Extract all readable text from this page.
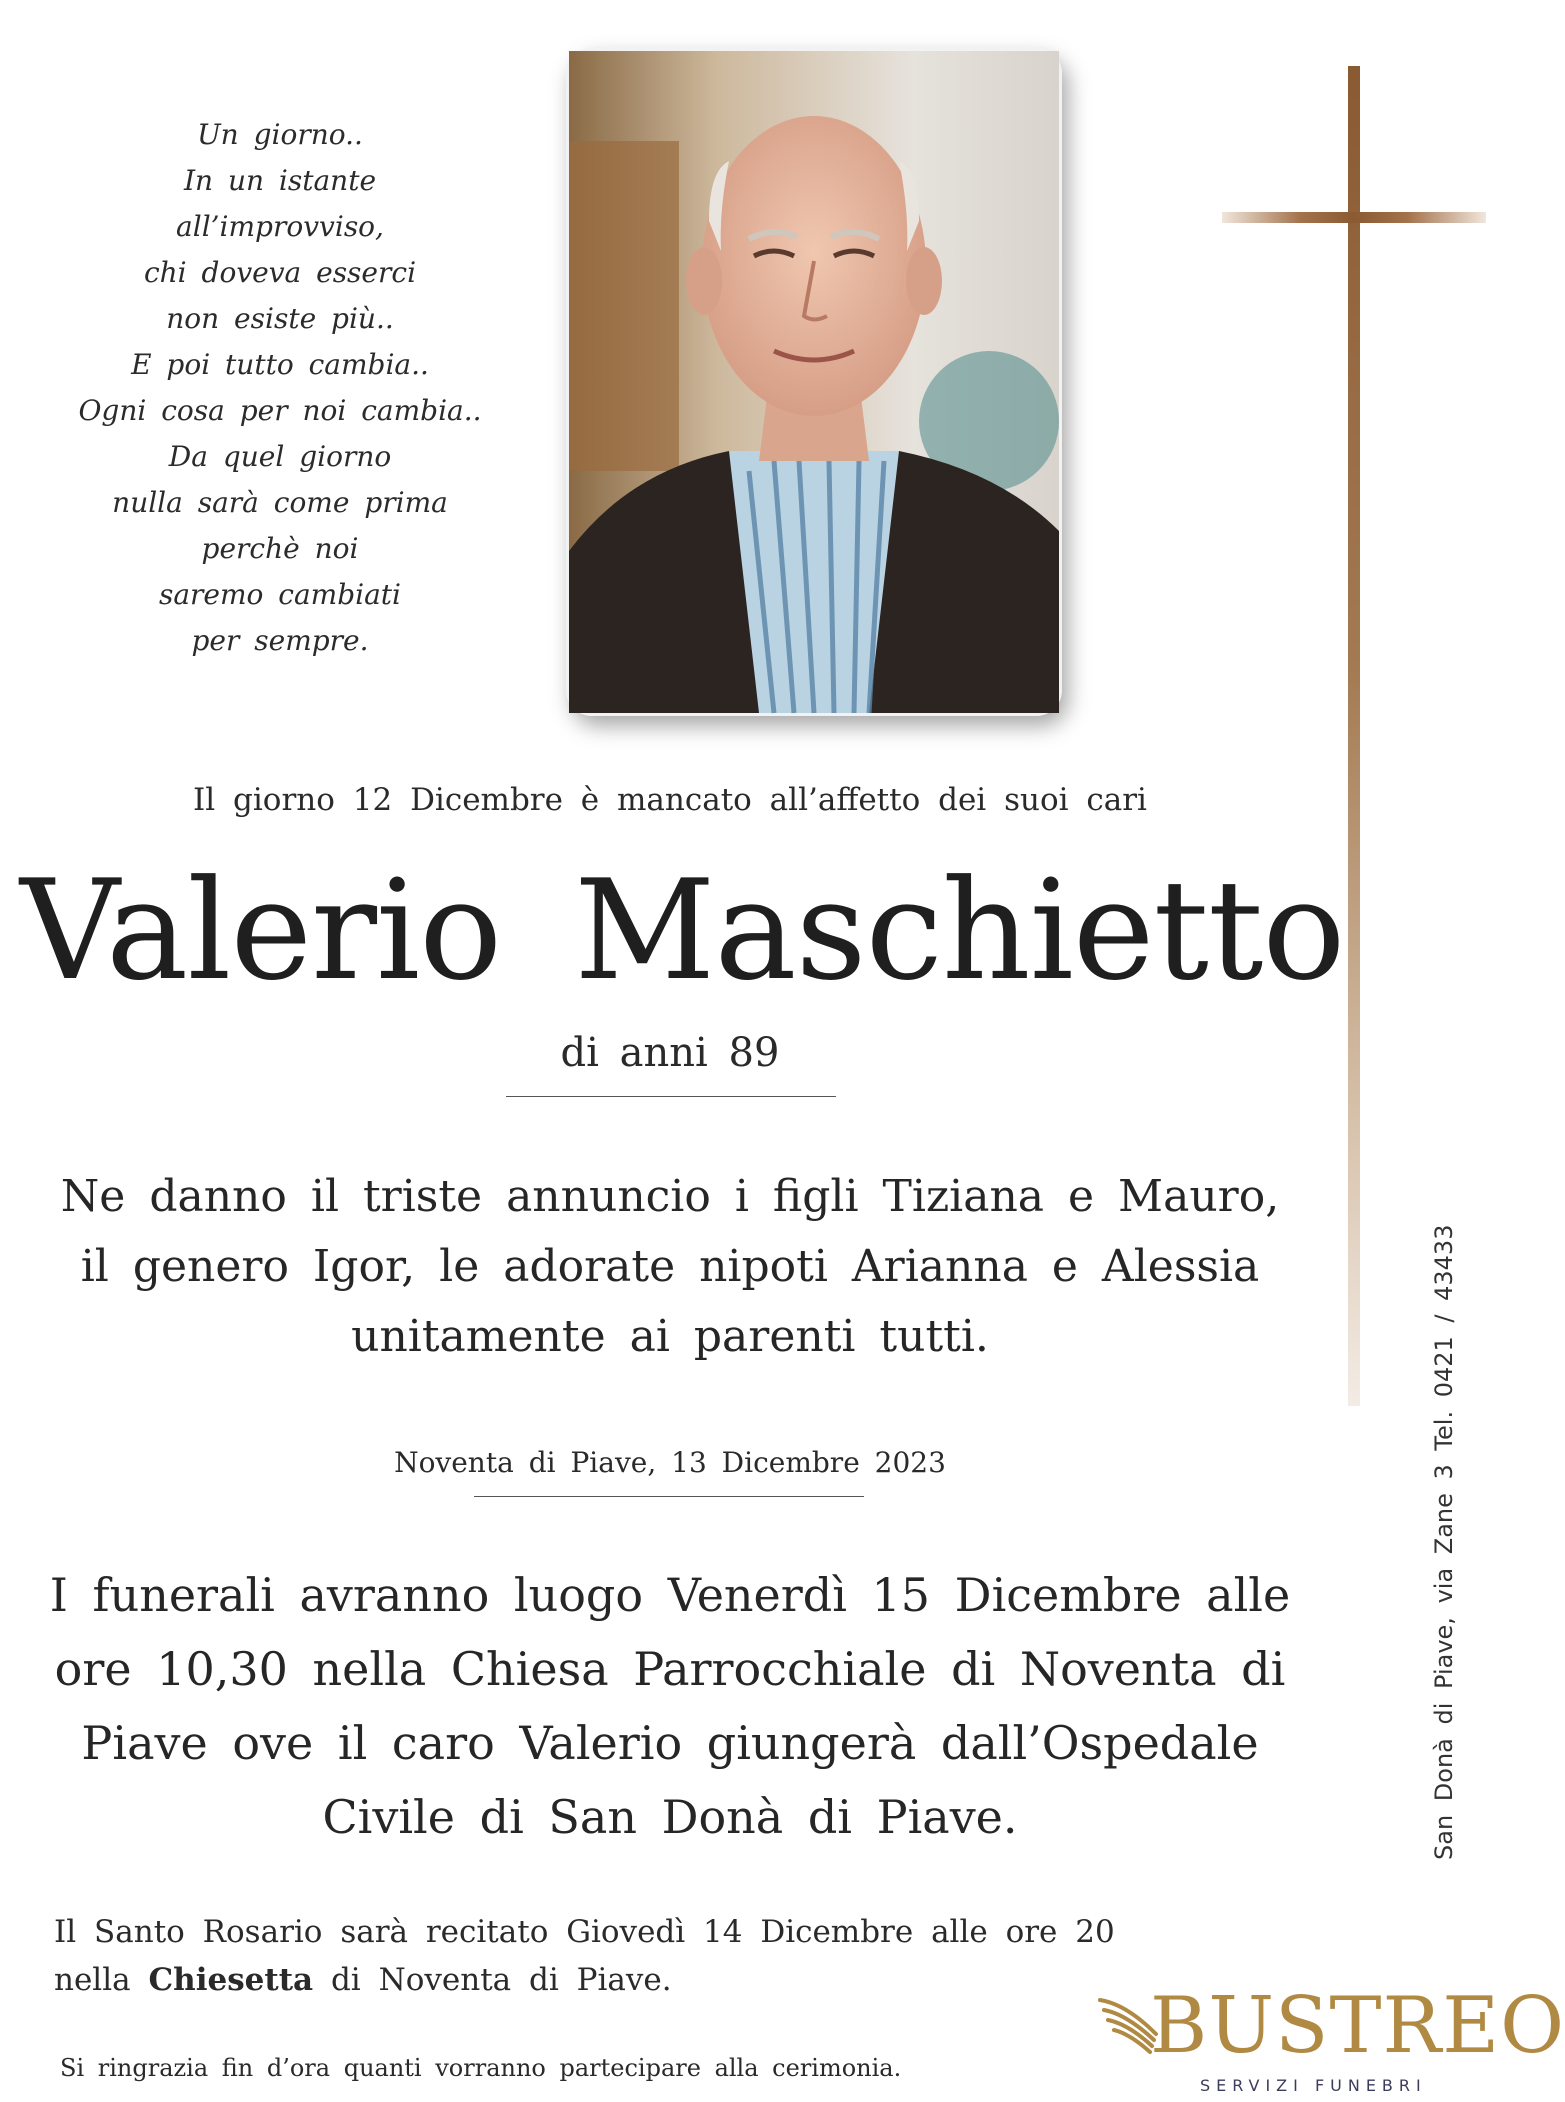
Un giorno..
In un istante
all’improvviso,
chi doveva esserci
non esiste più..
E poi tutto cambia..
Ogni cosa per noi cambia..
Da quel giorno
nulla sarà come prima
perchè noi
saremo cambiati
per sempre.
Il giorno 12 Dicembre è mancato all’affetto dei suoi cari
Valerio Maschietto
di anni 89
Ne danno il triste annuncio i figli Tiziana e Mauro,
il genero Igor, le adorate nipoti Arianna e Alessia
unitamente ai parenti tutti.
Noventa di Piave, 13 Dicembre 2023
I funerali avranno luogo Venerdì 15 Dicembre alle
ore 10,30 nella Chiesa Parrocchiale di Noventa di
Piave ove il caro Valerio giungerà dall’Ospedale
Civile di San Donà di Piave.
Il Santo Rosario sarà recitato Giovedì 14 Dicembre alle ore 20
nella Chiesetta di Noventa di Piave.
Si ringrazia fin d’ora quanti vorranno partecipare alla cerimonia.
San Donà di Piave, via Zane 3 Tel. 0421 / 43433
BUSTREO
SERVIZI FUNEBRI
